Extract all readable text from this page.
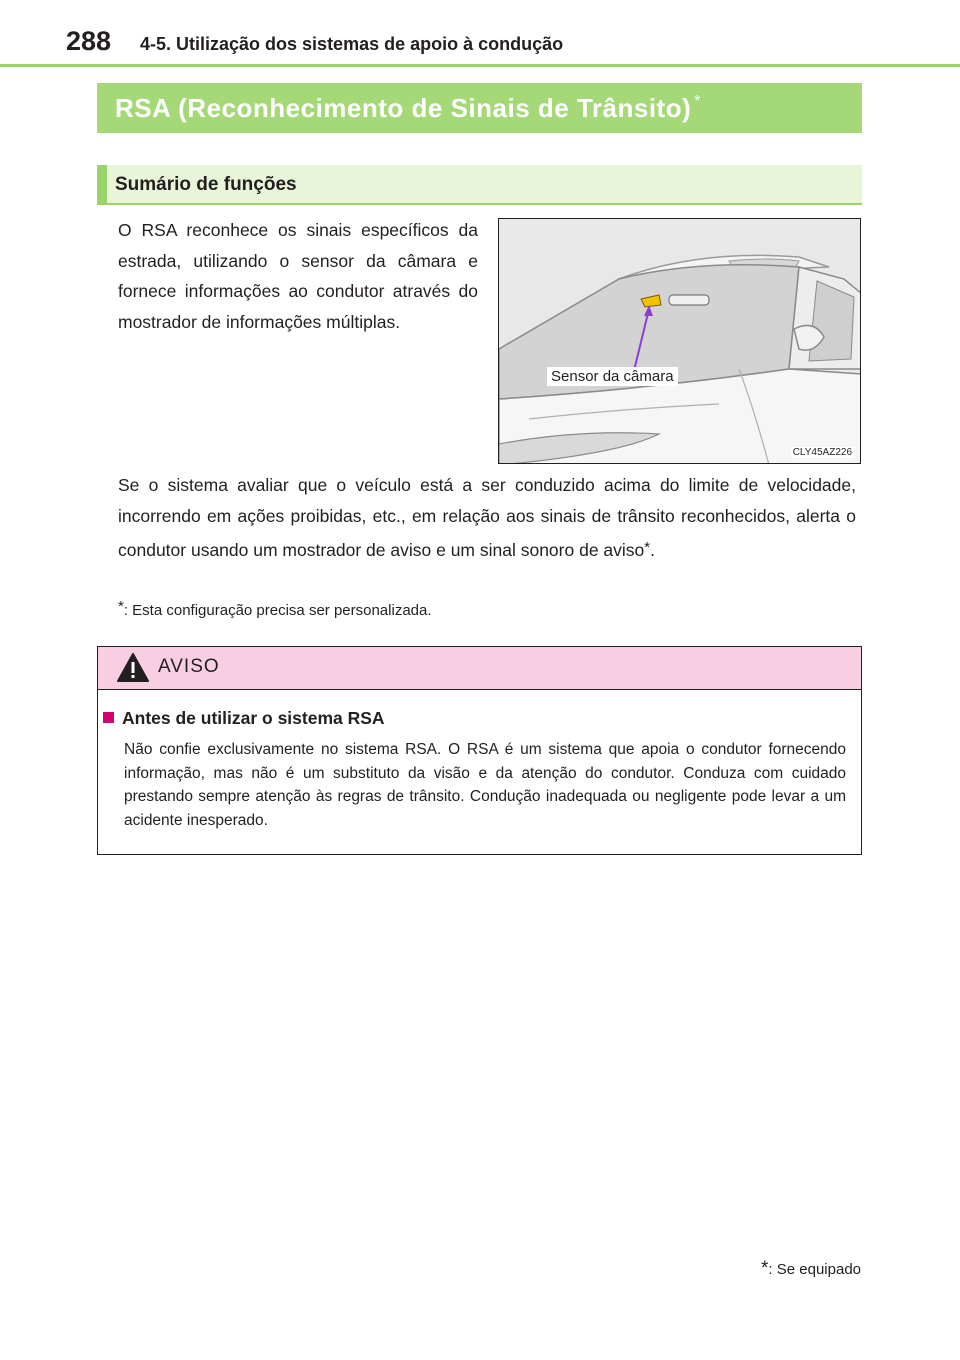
288 4-5. Utilização dos sistemas de apoio à condução
RSA (Reconhecimento de Sinais de Trânsito) *
Sumário de funções
O RSA reconhece os sinais específicos da estrada, utilizando o sensor da câmara e fornece informações ao condutor através do mostrador de informações múltiplas.
Sensor da câmara
CLY45AZ226
Se o sistema avaliar que o veículo está a ser conduzido acima do limite de velocidade, incorrendo em ações proibidas, etc., em relação aos sinais de trânsito reconhecidos, alerta o condutor usando um mostrador de aviso e um sinal sonoro de aviso*.
*: Esta configuração precisa ser personalizada.
AVISO
Antes de utilizar o sistema RSA
Não confie exclusivamente no sistema RSA. O RSA é um sistema que apoia o condutor fornecendo informação, mas não é um substituto da visão e da atenção do condutor. Conduza com cuidado prestando sempre atenção às regras de trânsito. Condução inadequada ou negligente pode levar a um acidente inesperado.
*: Se equipado
